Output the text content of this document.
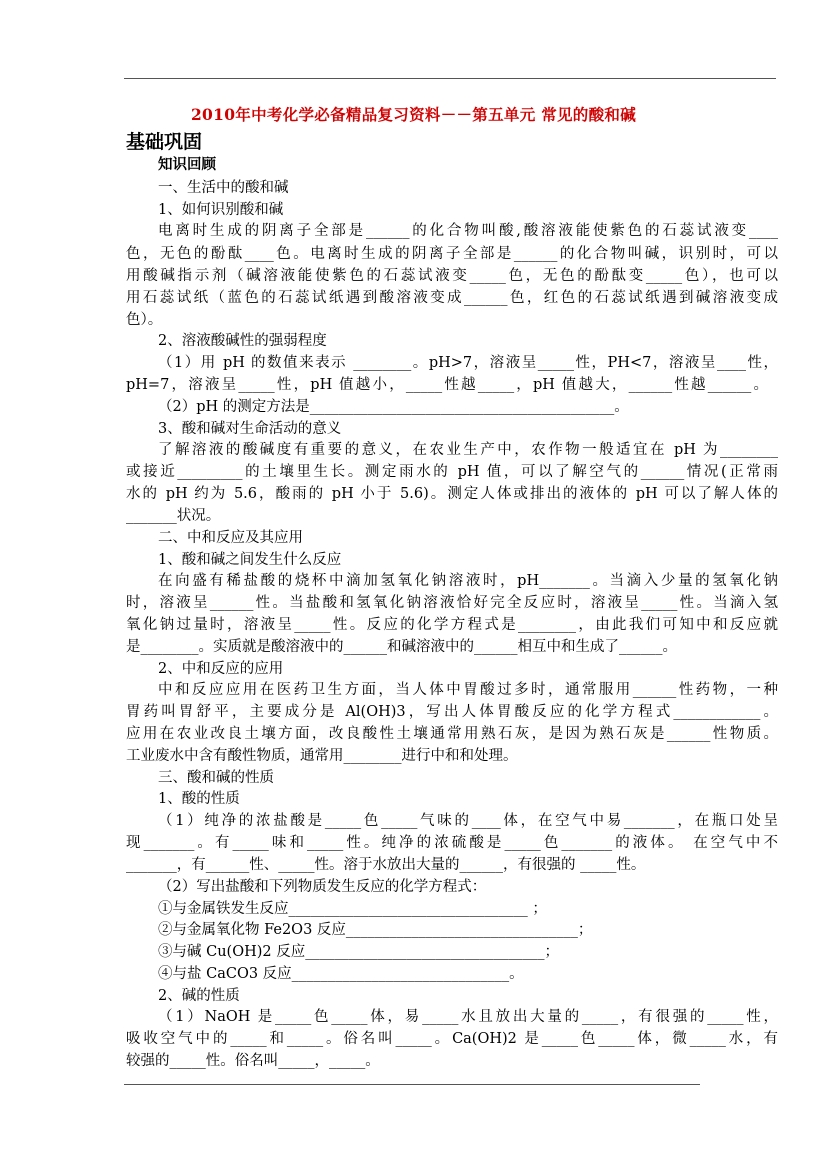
2010年中考化学必备精品复习资料－－第五单元 常见的酸和碱
基础巩固
知识回顾
一、生活中的酸和碱
1、如何识别酸和碱
电离时生成的阴离子全部是______的化合物叫酸,酸溶液能使紫色的石蕊试液变____
色，无色的酚酞____色。电离时生成的阴离子全部是______的化合物叫碱，识别时，可以
用酸碱指示剂（碱溶液能使紫色的石蕊试液变_____色，无色的酚酞变_____色），也可以
用石蕊试纸（蓝色的石蕊试纸遇到酸溶液变成______色，红色的石蕊试纸遇到碱溶液变成
色）。
2、溶液酸碱性的强弱程度
（1）用 pH 的数值来表示 ________。pH>7，溶液呈_____性，PH<7，溶液呈____性，
pH=7，溶液呈_____性，pH 值越小，_____性越_____，pH 值越大，______性越______。
（2）pH 的测定方法是__________________________________________。
3、酸和碱对生命活动的意义
了解溶液的酸碱度有重要的意义，在农业生产中，农作物一般适宜在 pH 为________
或接近_________的土壤里生长。测定雨水的 pH 值，可以了解空气的______情况(正常雨
水的 pH 约为 5.6，酸雨的 pH 小于 5.6)。测定人体或排出的液体的 pH 可以了解人体的
_______状况。
二、中和反应及其应用
1、酸和碱之间发生什么反应
在向盛有稀盐酸的烧杯中滴加氢氧化钠溶液时，pH_______。当滴入少量的氢氧化钠
时，溶液呈______性。当盐酸和氢氧化钠溶液恰好完全反应时，溶液呈_____性。当滴入氢
氧化钠过量时，溶液呈_____性。反应的化学方程式是________，由此我们可知中和反应就
是________。实质就是酸溶液中的______和碱溶液中的______相互中和生成了______。
2、中和反应的应用
中和反应应用在医药卫生方面，当人体中胃酸过多时，通常服用______性药物，一种
胃药叫胃舒平，主要成分是 Al(OH)3，写出人体胃酸反应的化学方程式____________。
应用在农业改良土壤方面，改良酸性土壤通常用熟石灰，是因为熟石灰是______性物质。
工业废水中含有酸性物质，通常用________进行中和和处理。
三、酸和碱的性质
1、酸的性质
（1）纯净的浓盐酸是_____色_____气味的____体，在空气中易_______，在瓶口处呈
现_______。有_____味和_____性。纯净的浓硫酸是_____色_______的液体。 在空气中不
_______，有______性、_____性。溶于水放出大量的______，有很强的 _____性。
（2）写出盐酸和下列物质发生反应的化学方程式：
①与金属铁发生反应_________________________________ ；
②与金属氧化物 Fe2O3 反应________________________________；
③与碱 Cu(OH)2 反应_________________________________；
④与盐 CaCO3 反应______________________________。
2、碱的性质
（1）NaOH 是_____色_____体，易_____水且放出大量的_____，有很强的_____性，
吸收空气中的_____和_____。俗名叫_____。Ca(OH)2 是_____色_____体，微_____水，有
较强的_____性。俗名叫_____，_____。
